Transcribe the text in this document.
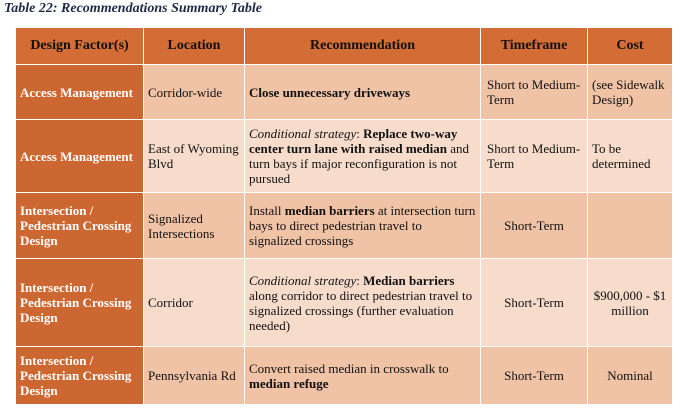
Table 22: Recommendations Summary Table
Design Factor(s)	Location	Recommendation	Timeframe	Cost
Access Management	Corridor-wide	Close unnecessary driveways	Short to Medium-Term	(see Sidewalk Design)
Access Management	East of Wyoming Blvd	Conditional strategy: Replace two-way center turn lane with raised median and turn bays if major reconfiguration is not pursued	Short to Medium-Term	To be determined
Intersection / Pedestrian Crossing Design	Signalized Intersections	Install median barriers at intersection turn bays to direct pedestrian travel to signalized crossings	Short-Term	
Intersection / Pedestrian Crossing Design	Corridor	Conditional strategy: Median barriers along corridor to direct pedestrian travel to signalized crossings (further evaluation needed)	Short-Term	$900,000 - $1 million
Intersection / Pedestrian Crossing Design	Pennsylvania Rd	Convert raised median in crosswalk to median refuge	Short-Term	Nominal
